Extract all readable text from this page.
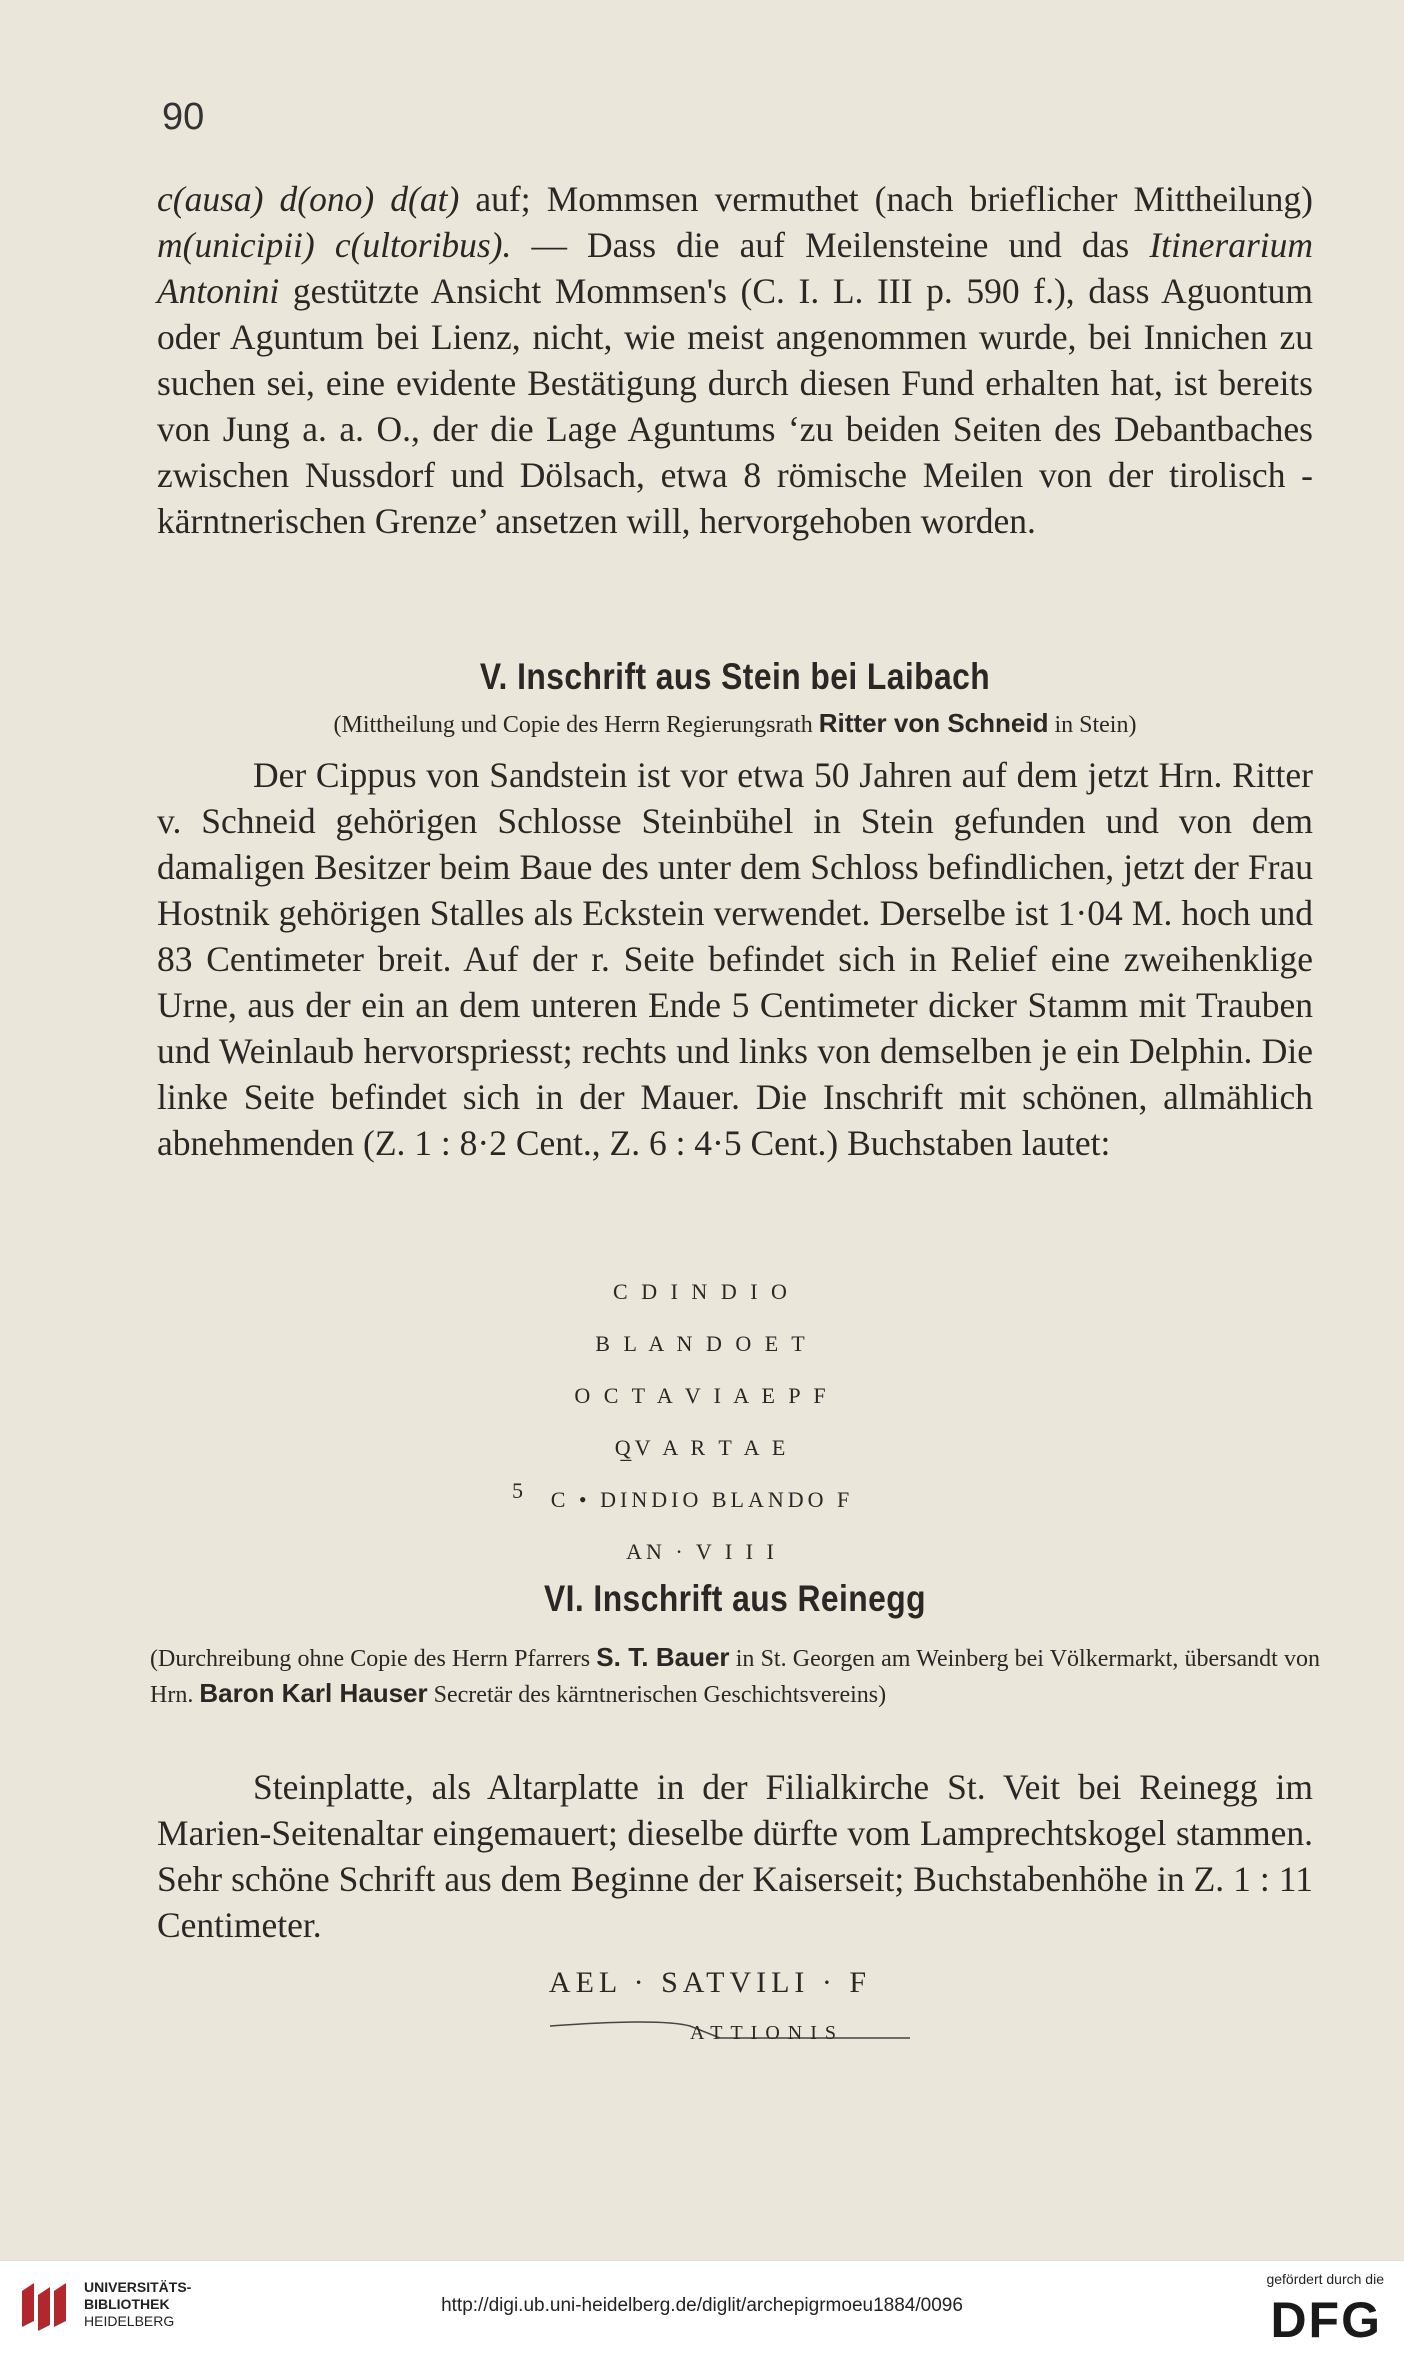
90

c(ausa) d(ono) d(at) auf; Mommsen vermuthet (nach brieflicher Mittheilung) m(unicipii) c(ultoribus). — Dass die auf Meilensteine und das Itinerarium Antonini gestützte Ansicht Mommsen's (C. I. L. III p. 590 f.), dass Aguontum oder Aguntum bei Lienz, nicht, wie meist angenommen wurde, bei Innichen zu suchen sei, eine evidente Bestätigung durch diesen Fund erhalten hat, ist bereits von Jung a. a. O., der die Lage Aguntums ‘zu beiden Seiten des Debantbaches zwischen Nussdorf und Dölsach, etwa 8 römische Meilen von der tirolisch - kärntnerischen Grenze’ ansetzen will, hervorgehoben worden.

V. Inschrift aus Stein bei Laibach
(Mittheilung und Copie des Herrn Regierungsrath Ritter von Schneid in Stein)
Der Cippus von Sandstein ist vor etwa 50 Jahren auf dem jetzt Hrn. Ritter v. Schneid gehörigen Schlosse Steinbühel in Stein gefunden und von dem damaligen Besitzer beim Baue des unter dem Schloss befindlichen, jetzt der Frau Hostnik gehörigen Stalles als Eckstein verwendet. Derselbe ist 1·04 M. hoch und 83 Centimeter breit. Auf der r. Seite befindet sich in Relief eine zweihenklige Urne, aus der ein an dem unteren Ende 5 Centimeter dicker Stamm mit Trauben und Weinlaub hervorspriesst; rechts und links von demselben je ein Delphin. Die linke Seite befindet sich in der Mauer. Die Inschrift mit schönen, allmählich abnehmenden (Z. 1 : 8·2 Cent., Z. 6 : 4·5 Cent.) Buchstaben lautet:
C D I N D I O
B L A N D O E T
O C T A V I A E P F
Q̲V A R T A E
C • DINDIO BLANDO F
AN · V I I I
5
VI. Inschrift aus Reinegg
(Durchreibung ohne Copie des Herrn Pfarrers S. T. Bauer in St. Georgen am Weinberg bei Völkermarkt, übersandt von Hrn. Baron Karl Hauser Secretär des kärntnerischen Geschichtsvereins)
Steinplatte, als Altarplatte in der Filialkirche St. Veit bei Reinegg im Marien-Seitenaltar eingemauert; dieselbe dürfte vom Lamprechtskogel stammen. Sehr schöne Schrift aus dem Beginne der Kaiserseit; Buchstabenhöhe in Z. 1 : 11 Centimeter.
AEL · SATVILI · F
ATTIONIS
UNIVERSITÄTS-
BIBLIOTHEK
HEIDELBERG
http://digi.ub.uni-heidelberg.de/diglit/archepigrmoeu1884/0096
gefördert durch die
DFG
